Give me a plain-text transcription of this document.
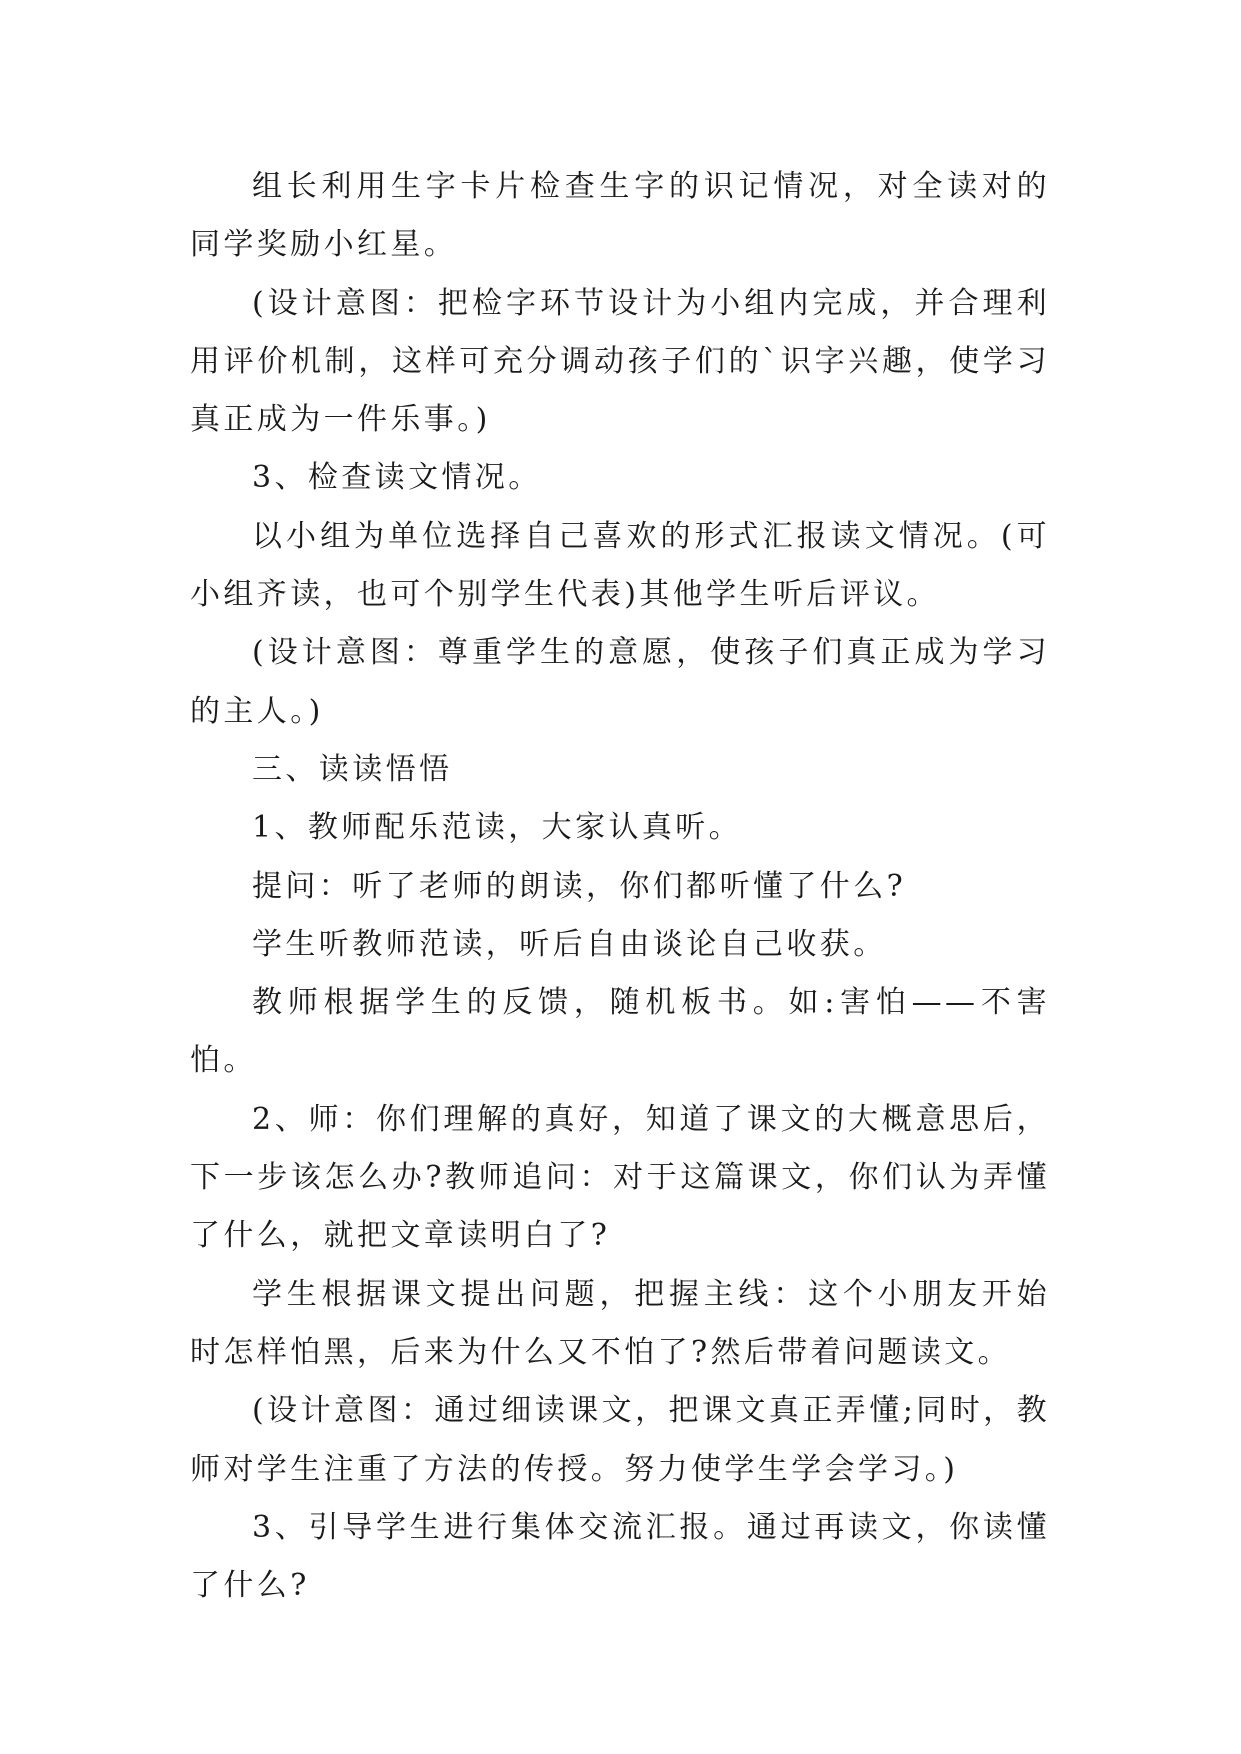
组长利用生字卡片检查生字的识记情况，对全读对的同学奖励小红星。

(设计意图：把检字环节设计为小组内完成，并合理利用评价机制，这样可充分调动孩子们的`识字兴趣，使学习真正成为一件乐事。)

3、检查读文情况。

以小组为单位选择自己喜欢的形式汇报读文情况。(可小组齐读，也可个别学生代表)其他学生听后评议。

(设计意图：尊重学生的意愿，使孩子们真正成为学习的主人。)

三、读读悟悟

1、教师配乐范读，大家认真听。

提问：听了老师的朗读，你们都听懂了什么?

学生听教师范读，听后自由谈论自己收获。

教师根据学生的反馈，随机板书。如:害怕——不害怕。

2、师：你们理解的真好，知道了课文的大概意思后，下一步该怎么办?教师追问：对于这篇课文，你们认为弄懂了什么，就把文章读明白了?

学生根据课文提出问题，把握主线：这个小朋友开始时怎样怕黑，后来为什么又不怕了?然后带着问题读文。

(设计意图：通过细读课文，把课文真正弄懂;同时，教师对学生注重了方法的传授。努力使学生学会学习。)

3、引导学生进行集体交流汇报。通过再读文，你读懂了什么?
